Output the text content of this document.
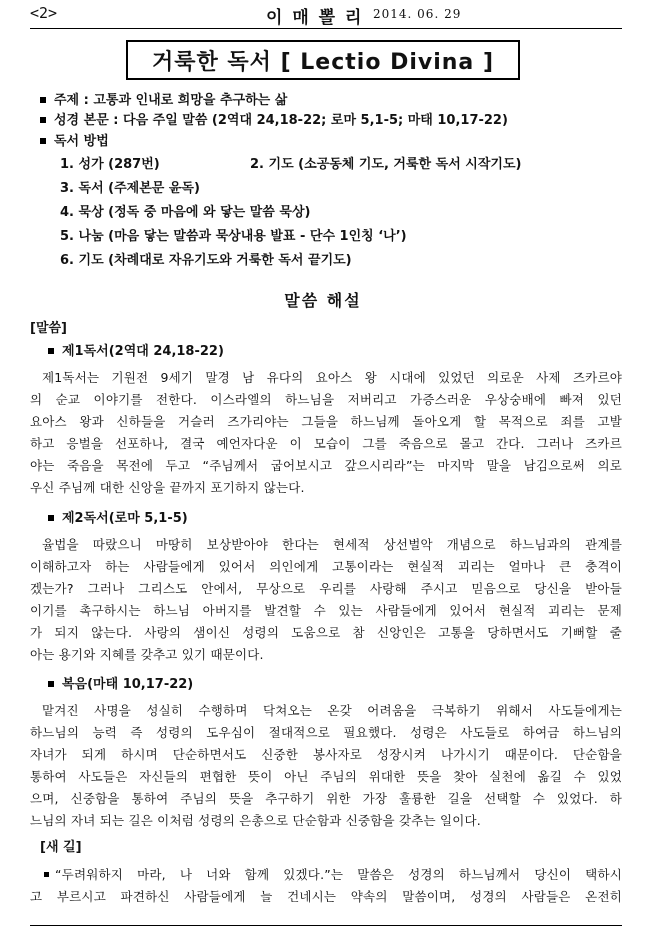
<2>	이 매 뽈 리 2014. 06. 29
거룩한 독서 [ Lectio Divina ]
주제 : 고통과 인내로 희망을 추구하는 삶
성경 본문 : 다음 주일 말씀 (2역대 24,18-22; 로마 5,1-5; 마태 10,17-22)
독서 방법
1. 성가 (287번)	2. 기도 (소공동체 기도, 거룩한 독서 시작기도)
3. 독서 (주제본문 윤독)
4. 묵상 (정독 중 마음에 와 닿는 말씀 묵상)
5. 나눔 (마음 닿는 말씀과 묵상내용 발표 - 단수 1인칭 ‘나’)
6. 기도 (차례대로 자유기도와 거룩한 독서 끝기도)
말씀 해설
[말씀]
제1독서(2역대 24,18-22)
제1독서는 기원전 9세기 말경 남 유다의 요아스 왕 시대에 있었던 의로운 사제 즈카르야
의 순교 이야기를 전한다. 이스라엘의 하느님을 저버리고 가증스러운 우상숭배에 빠져 있던
요아스 왕과 신하들을 거슬러 즈가리야는 그들을 하느님께 돌아오게 할 목적으로 죄를 고발
하고 응벌을 선포하나, 결국 예언자다운 이 모습이 그를 죽음으로 몰고 간다. 그러나 즈카르
야는 죽음을 목전에 두고 “주님께서 굽어보시고 갚으시리라”는 마지막 말을 남김으로써 의로
우신 주님께 대한 신앙을 끝까지 포기하지 않는다.
제2독서(로마 5,1-5)
율법을 따랐으니 마땅히 보상받아야 한다는 현세적 상선벌악 개념으로 하느님과의 관계를
이해하고자 하는 사람들에게 있어서 의인에게 고통이라는 현실적 괴리는 얼마나 큰 충격이
겠는가? 그러나 그리스도 안에서, 무상으로 우리를 사랑해 주시고 믿음으로 당신을 받아들
이기를 촉구하시는 하느님 아버지를 발견할 수 있는 사람들에게 있어서 현실적 괴리는 문제
가 되지 않는다. 사랑의 샘이신 성령의 도움으로 참 신앙인은 고통을 당하면서도 기뻐할 줄
아는 용기와 지혜를 갖추고 있기 때문이다.
복음(마태 10,17-22)
맡겨진 사명을 성실히 수행하며 닥쳐오는 온갖 어려움을 극복하기 위해서 사도들에게는
하느님의 능력 즉 성령의 도우심이 절대적으로 필요했다. 성령은 사도들로 하여금 하느님의
자녀가 되게 하시며 단순하면서도 신중한 봉사자로 성장시켜 나가시기 때문이다. 단순함을
통하여 사도들은 자신들의 편협한 뜻이 아닌 주님의 위대한 뜻을 찾아 실천에 옮길 수 있었
으며, 신중함을 통하여 주님의 뜻을 추구하기 위한 가장 훌륭한 길을 선택할 수 있었다. 하
느님의 자녀 되는 길은 이처럼 성령의 은총으로 단순함과 신중함을 갖추는 일이다.
[새 길]
“두려워하지 마라, 나 너와 함께 있겠다.”는 말씀은 성경의 하느님께서 당신이 택하시
고 부르시고 파견하신 사람들에게 늘 건네시는 약속의 말씀이며, 성경의 사람들은 온전히
